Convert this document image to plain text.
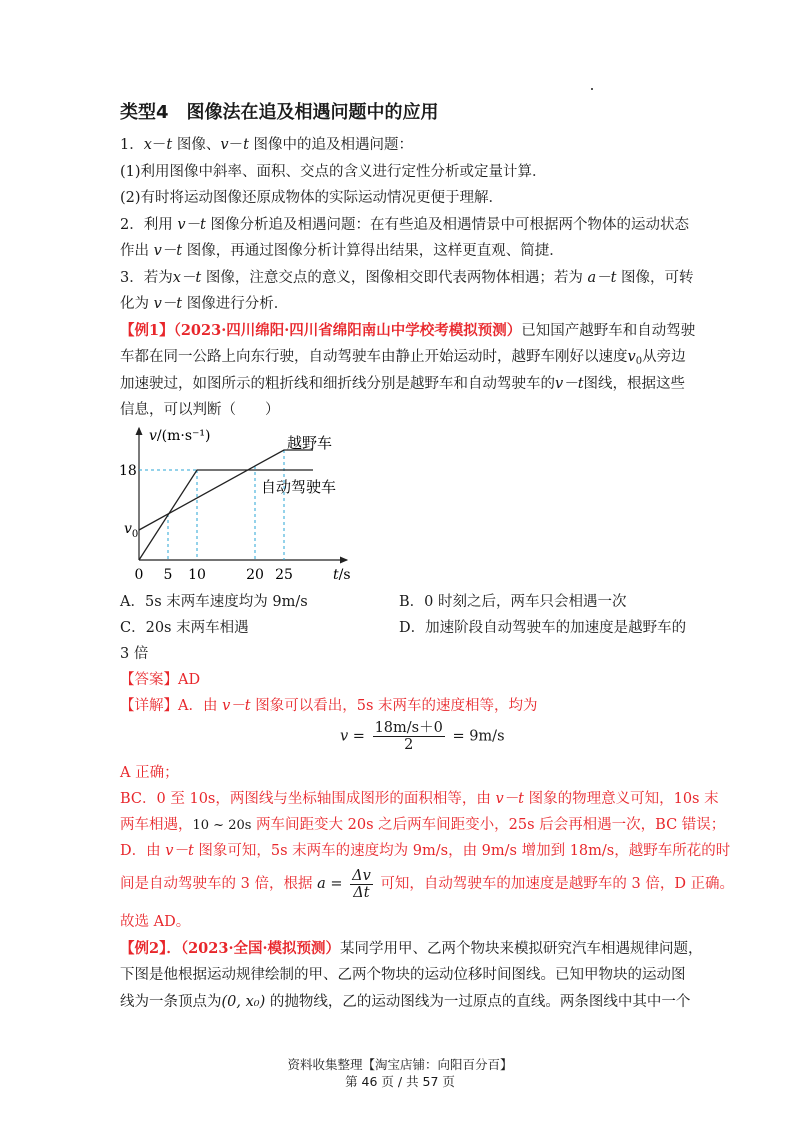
类型4　图像法在追及相遇问题中的应用
1．x－t 图像、v－t 图像中的追及相遇问题：
(1)利用图像中斜率、面积、交点的含义进行定性分析或定量计算．
(2)有时将运动图像还原成物体的实际运动情况更便于理解．
2．利用 v－t 图像分析追及相遇问题：在有些追及相遇情景中可根据两个物体的运动状态
作出 v－t 图像，再通过图像分析计算得出结果，这样更直观、简捷．
3．若为x－t 图像，注意交点的意义，图像相交即代表两物体相遇；若为 a－t 图像，可转
化为 v－t 图像进行分析．
【例1】（2023·四川绵阳·四川省绵阳南山中学校考模拟预测）已知国产越野车和自动驾驶
车都在同一公路上向东行驶，自动驾驶车由静止开始运动时，越野车刚好以速度$v_0$从旁边
加速驶过，如图所示的粗折线和细折线分别是越野车和自动驾驶车的v－t图线，根据这些
信息，可以判断（　　）
v/(m·s⁻¹)
18
$v_0$
0 5 10	20 25	t/s
越野车
自动驾驶车
A．5s 末两车速度均为 9m/s	B．0 时刻之后，两车只会相遇一次
C．20s 末两车相遇	D．加速阶段自动驾驶车的加速度是越野车的
3 倍
【答案】AD
【详解】A．由 v－t 图象可以看出，5s 末两车的速度相等，均为
$v = \frac{18m/s+0}{2} = 9m/s$
A 正确；
BC．0 至 10s，两图线与坐标轴围成图形的面积相等，由 v－t 图象的物理意义可知，10s 末
两车相遇，10 ~ 20s 两车间距变大 20s 之后两车间距变小，25s 后会再相遇一次，BC 错误；
D．由 v－t 图象可知，5s 末两车的速度均为 9m/s，由 9m/s 增加到 18m/s，越野车所花的时
间是自动驾驶车的 3 倍，根据 $a = \frac{\Delta v}{\Delta t}$ 可知，自动驾驶车的加速度是越野车的 3 倍，D 正确。
故选 AD。
【例2】．（2023·全国·模拟预测）某同学用甲、乙两个物块来模拟研究汽车相遇规律问题，
下图是他根据运动规律绘制的甲、乙两个物块的运动位移时间图线。已知甲物块的运动图
线为一条顶点为(0, x₀) 的抛物线，乙的运动图线为一过原点的直线。两条图线中其中一个
资料收集整理【淘宝店铺：向阳百分百】
第 46 页 / 共 57 页
